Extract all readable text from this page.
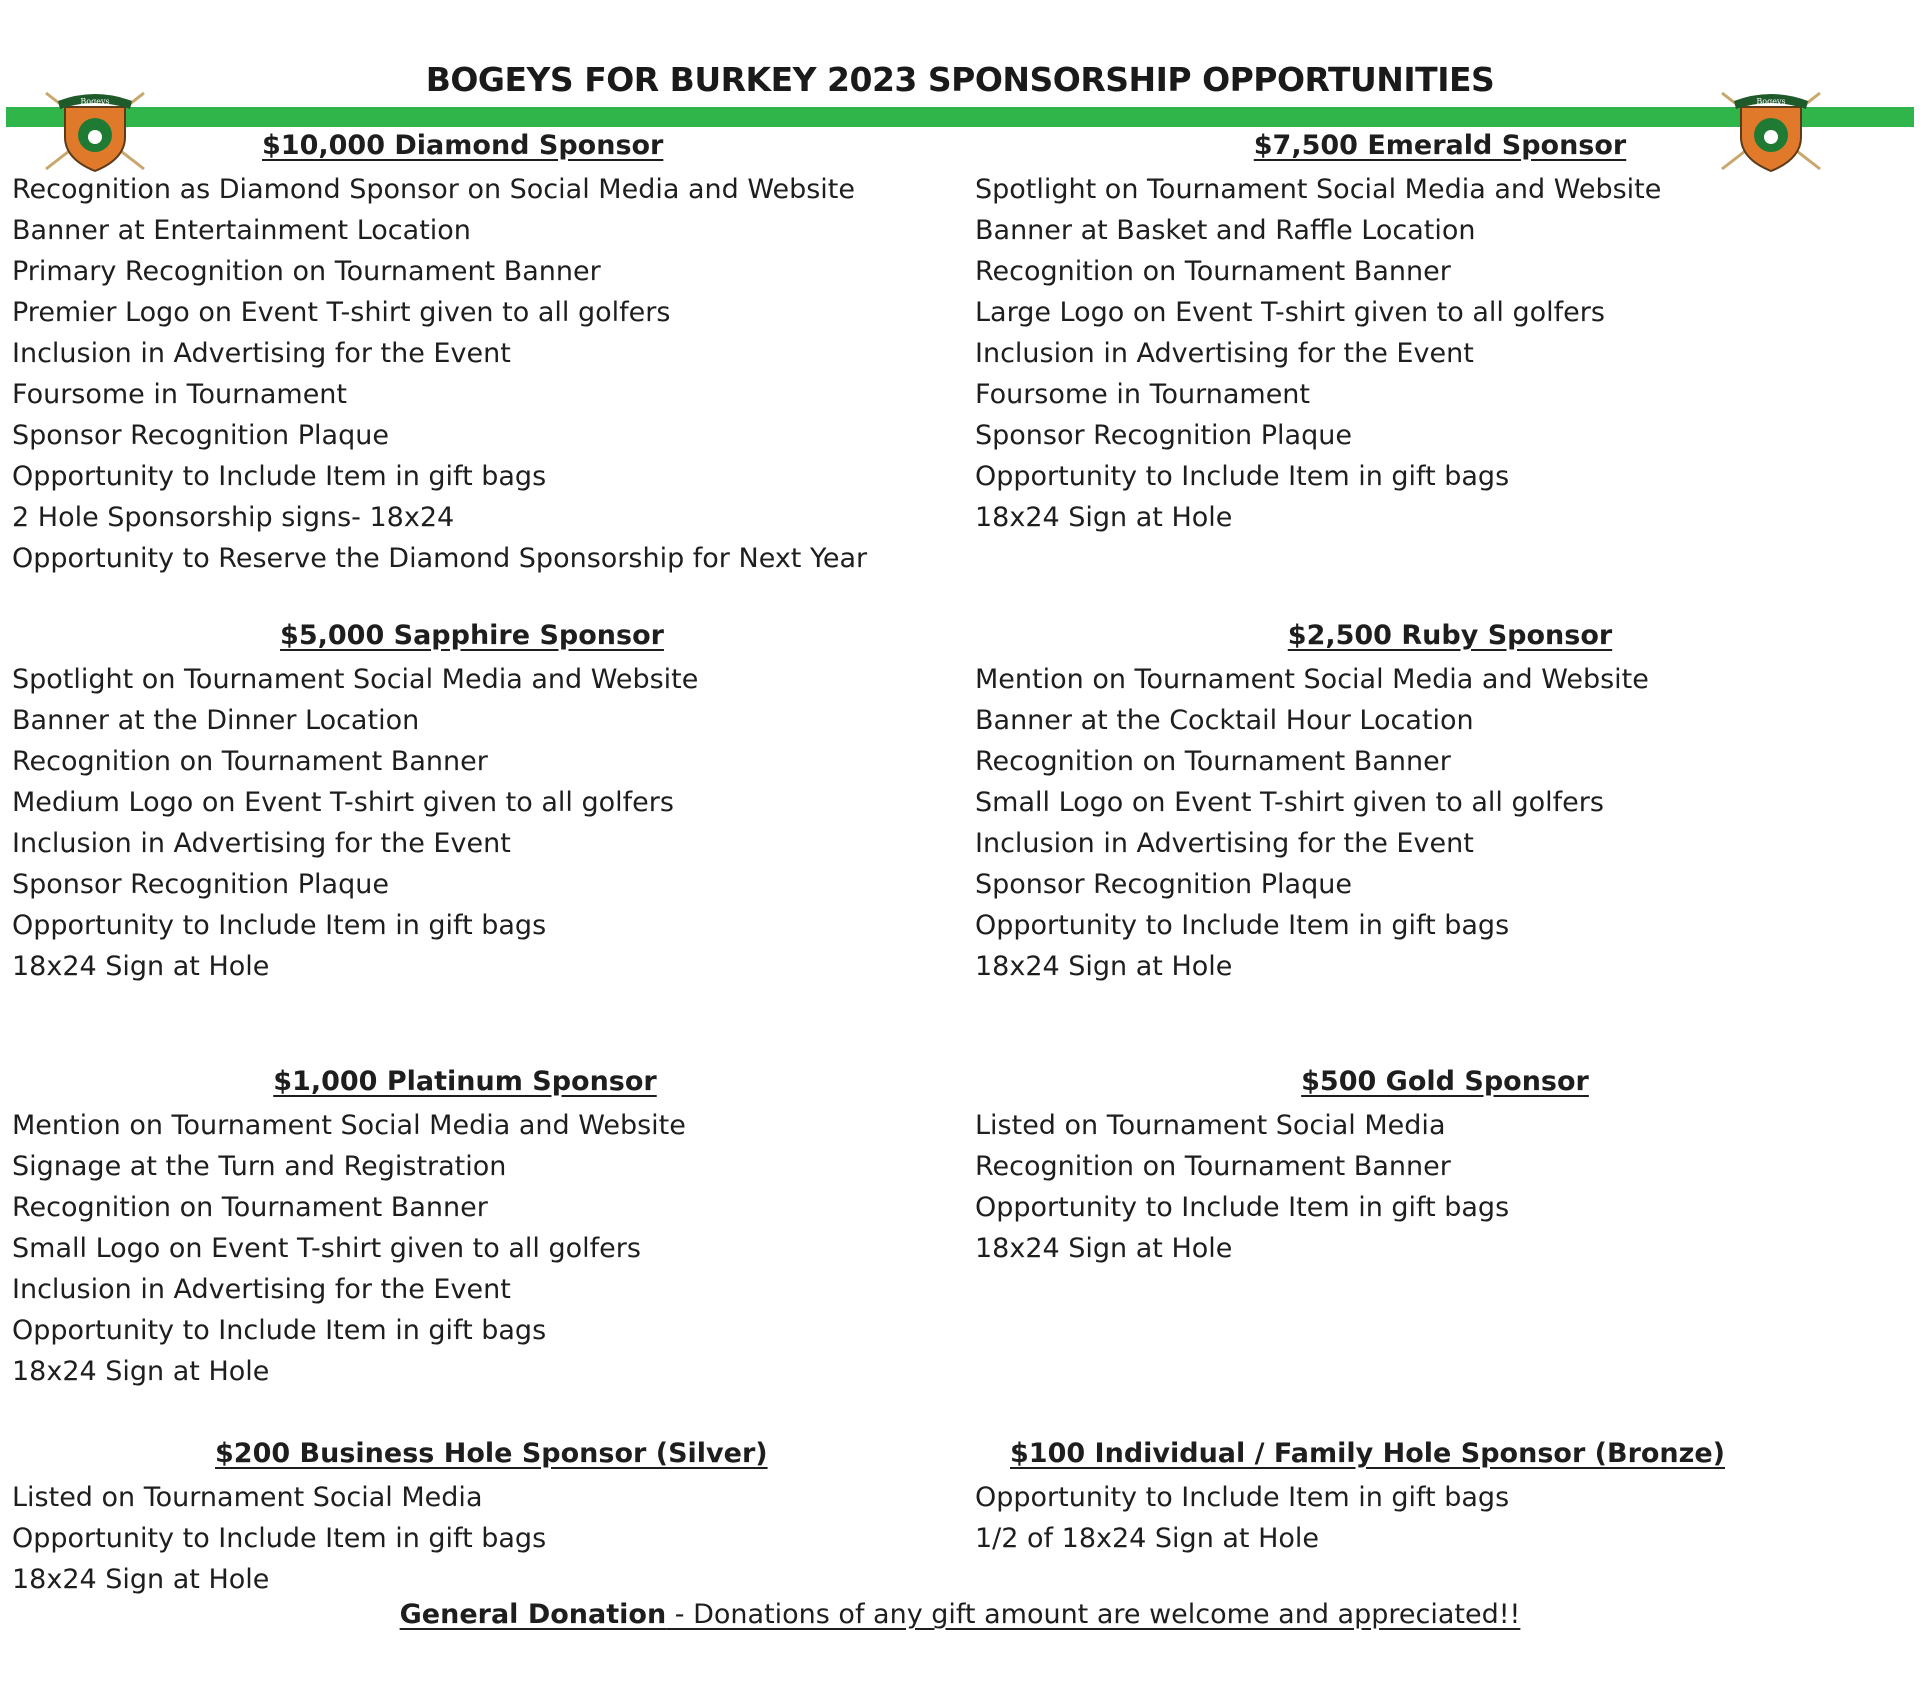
BOGEYS FOR BURKEY 2023 SPONSORSHIP OPPORTUNITIES
Bogeys	Bogeys
$10,000 Diamond Sponsor
Recognition as Diamond Sponsor on Social Media and Website
Banner at Entertainment Location
Primary Recognition on Tournament Banner
Premier Logo on Event T-shirt given to all golfers
Inclusion in Advertising for the Event
Foursome in Tournament
Sponsor Recognition Plaque
Opportunity to Include Item in gift bags
2 Hole Sponsorship signs- 18x24
Opportunity to Reserve the Diamond Sponsorship for Next Year
$7,500 Emerald Sponsor
Spotlight on Tournament Social Media and Website
Banner at Basket and Raffle Location
Recognition on Tournament Banner
Large Logo on Event T-shirt given to all golfers
Inclusion in Advertising for the Event
Foursome in Tournament
Sponsor Recognition Plaque
Opportunity to Include Item in gift bags
18x24 Sign at Hole
$5,000 Sapphire Sponsor
Spotlight on Tournament Social Media and Website
Banner at the Dinner Location
Recognition on Tournament Banner
Medium Logo on Event T-shirt given to all golfers
Inclusion in Advertising for the Event
Sponsor Recognition Plaque
Opportunity to Include Item in gift bags
18x24 Sign at Hole
$2,500 Ruby Sponsor
Mention on Tournament Social Media and Website
Banner at the Cocktail Hour Location
Recognition on Tournament Banner
Small Logo on Event T-shirt given to all golfers
Inclusion in Advertising for the Event
Sponsor Recognition Plaque
Opportunity to Include Item in gift bags
18x24 Sign at Hole
$1,000 Platinum Sponsor
Mention on Tournament Social Media and Website
Signage at the Turn and Registration
Recognition on Tournament Banner
Small Logo on Event T-shirt given to all golfers
Inclusion in Advertising for the Event
Opportunity to Include Item in gift bags
18x24 Sign at Hole
$500 Gold Sponsor
Listed on Tournament Social Media
Recognition on Tournament Banner
Opportunity to Include Item in gift bags
18x24 Sign at Hole
$200 Business Hole Sponsor (Silver)
Listed on Tournament Social Media
Opportunity to Include Item in gift bags
18x24 Sign at Hole
$100 Individual / Family Hole Sponsor (Bronze)
Opportunity to Include Item in gift bags
1/2 of 18x24 Sign at Hole
General Donation - Donations of any gift amount are welcome and appreciated!!
